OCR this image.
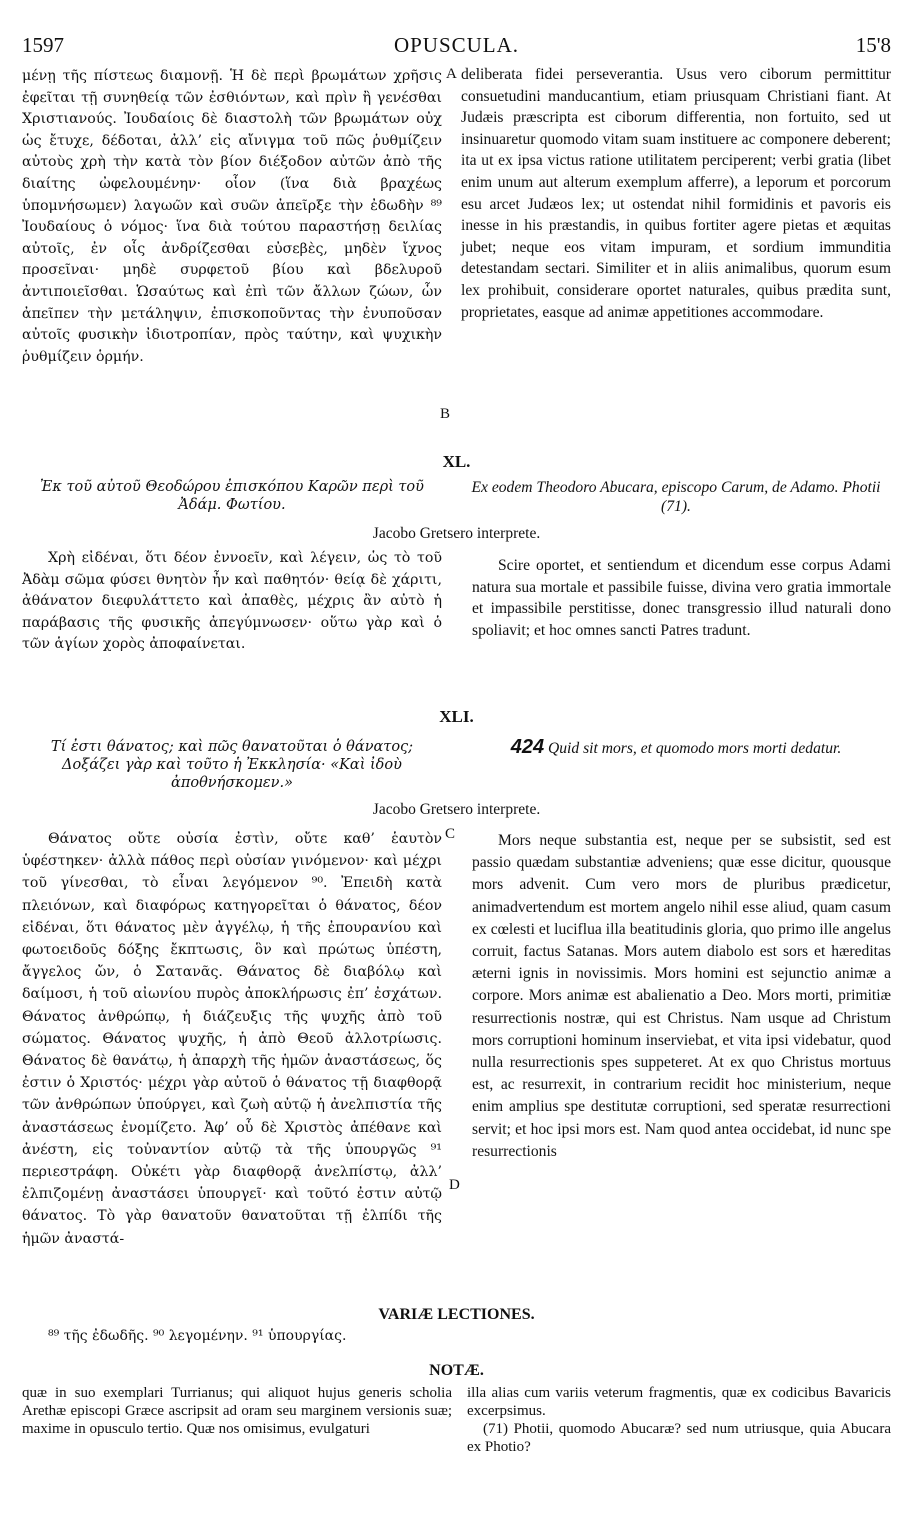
1597	OPUSCULA.	15'8

μένῃ τῆς πίστεως διαμονῇ. Ἡ δὲ περὶ βρωμάτων χρῆσις ἐφεῖται τῇ συνηθείᾳ τῶν ἐσθιόντων, καὶ πρὶν ἢ γενέσθαι Χριστιανούς. Ἰουδαίοις δὲ διαστολὴ τῶν βρωμάτων οὐχ ὡς ἔτυχε, δέδοται, ἀλλ’ εἰς αἴνιγμα τοῦ πῶς ῥυθμίζειν αὐτοὺς χρὴ τὴν κατὰ τὸν βίον διέξοδον αὐτῶν ἀπὸ τῆς διαίτης ὠφελουμένην· οἷον (ἵνα διὰ βραχέως ὑπομνήσωμεν) λαγωῶν καὶ συῶν ἀπεῖρξε τὴν ἐδωδὴν ⁸⁹ Ἰουδαίους ὁ νόμος· ἵνα διὰ τούτου παραστήσῃ δειλίας αὐτοῖς, ἐν οἷς ἀνδρίζεσθαι εὐσεβὲς, μηδὲν ἴχνος προσεῖναι· μηδὲ συρφετοῦ βίου καὶ βδελυροῦ ἀντιποιεῖσθαι. Ὡσαύτως καὶ ἐπὶ τῶν ἄλλων ζώων, ὧν ἀπεῖπεν τὴν μετάληψιν, ἐπισκοποῦντας τὴν ἐνυποῦσαν αὐτοῖς φυσικὴν ἰδιοτροπίαν, πρὸς ταύτην, καὶ ψυχικὴν ῥυθμίζειν ὁρμήν.

A deliberata fidei perseverantia. Usus vero ciborum permittitur consuetudini manducantium, etiam priusquam Christiani fiant. At Judæis præscripta est ciborum differentia, non fortuito, sed ut insinuaretur quomodo vitam suam instituere ac componere deberent; ita ut ex ipsa victus ratione utilitatem perciperent; verbi gratia (libet enim unum aut alterum exemplum afferre), a leporum et porcorum esu arcet Judæos lex; ut ostendat nihil formidinis et pavoris eis inesse in his præstandis, in quibus fortiter agere pietas et æquitas jubet; neque eos vitam impuram, et sordium immunditia detestandam sectari. Similiter et in aliis animalibus, quorum esum lex prohibuit, considerare oportet naturales, quibus prædita sunt, proprietates, easque ad animæ appetitiones accommodare.

B
XL.
Ἐκ τοῦ αὐτοῦ Θεοδώρου ἐπισκόπου Καρῶν περὶ τοῦ Ἀδάμ. Φωτίου.
Ex eodem Theodoro Abucara, episcopo Carum, de Adamo. Photii (71).
Jacobo Gretsero interprete.

Χρὴ εἰδέναι, ὅτι δέον ἐννοεῖν, καὶ λέγειν, ὡς τὸ τοῦ Ἀδὰμ σῶμα φύσει θνητὸν ἦν καὶ παθητόν· θείᾳ δὲ χάριτι, ἀθάνατον διεφυλάττετο καὶ ἀπαθὲς, μέχρις ἂν αὐτὸ ἡ παράβασις τῆς φυσικῆς ἀπεγύμνωσεν· οὕτω γὰρ καὶ ὁ τῶν ἁγίων χορὸς ἀποφαίνεται.

Scire oportet, et sentiendum et dicendum esse corpus Adami natura sua mortale et passibile fuisse, divina vero gratia immortale et impassibile perstitisse, donec transgressio illud naturali dono spoliavit; et hoc omnes sancti Patres tradunt.

XLI.
Τί ἐστι θάνατος; καὶ πῶς θανατοῦται ὁ θάνατος; Δοξάζει γὰρ καὶ τοῦτο ἡ Ἐκκλησία· «Καὶ ἰδοὺ ἀποθνήσκομεν.»
424 Quid sit mors, et quomodo mors morti dedatur.
Jacobo Gretsero interprete.
C

Θάνατος οὔτε οὐσία ἐστὶν, οὔτε καθ’ ἑαυτὸν ὑφέστηκεν· ἀλλὰ πάθος περὶ οὐσίαν γινόμενον· καὶ μέχρι τοῦ γίνεσθαι, τὸ εἶναι λεγόμενον ⁹⁰. Ἐπειδὴ κατὰ πλειόνων, καὶ διαφόρως κατηγορεῖται ὁ θάνατος, δέον εἰδέναι, ὅτι θάνατος μὲν ἀγγέλῳ, ἡ τῆς ἐπουρανίου καὶ φωτοειδοῦς δόξης ἔκπτωσις, ὃν καὶ πρώτως ὑπέστη, ἄγγελος ὤν, ὁ Σατανᾶς. Θάνατος δὲ διαβόλῳ καὶ δαίμοσι, ἡ τοῦ αἰωνίου πυρὸς ἀποκλήρωσις ἐπ’ ἐσχάτων. Θάνατος ἀνθρώπῳ, ἡ διάζευξις τῆς ψυχῆς ἀπὸ τοῦ σώματος. Θάνατος ψυχῆς, ἡ ἀπὸ Θεοῦ ἀλλοτρίωσις. Θάνατος δὲ θανάτῳ, ἡ ἀπαρχὴ τῆς ἡμῶν ἀναστάσεως, ὅς ἐστιν ὁ Χριστός· μέχρι γὰρ αὐτοῦ ὁ θάνατος τῇ διαφθορᾷ τῶν ἀνθρώπων ὑπούργει, καὶ ζωὴ αὐτῷ ἡ ἀνελπιστία τῆς ἀναστάσεως ἐνομίζετο. Ἀφ’ οὗ δὲ Χριστὸς ἀπέθανε καὶ ἀνέστη, εἰς τοὐναντίον αὐτῷ τὰ τῆς ὑπουργῶς ⁹¹ περιεστράφη. Οὐκέτι γὰρ διαφθορᾷ ἀνελπίστῳ, ἀλλ’ ἐλπιζομένῃ ἀναστάσει ὑπουργεῖ· καὶ τοῦτό ἐστιν αὐτῷ θάνατος. Τὸ γὰρ θανατοῦν θανατοῦται τῇ ἐλπίδι τῆς ἡμῶν ἀναστά-

Mors neque substantia est, neque per se subsistit, sed est passio quædam substantiæ adveniens; quæ esse dicitur, quousque mors advenit. Cum vero mors de pluribus prædicetur, animadvertendum est mortem angelo nihil esse aliud, quam casum ex cœlesti et luciflua illa beatitudinis gloria, quo primo ille angelus corruit, factus Satanas. Mors autem diabolo est sors et hæreditas æterni ignis in novissimis. Mors homini est sejunctio animæ a corpore. Mors animæ est abalienatio a Deo. Mors morti, primitiæ resurrectionis nostræ, qui est Christus. Nam usque ad Christum mors corruptioni hominum inserviebat, et vita ipsi videbatur, quod nulla resurrectionis spes suppeteret. At ex quo Christus mortuus est, ac resurrexit, in contrarium recidit hoc ministerium, neque enim amplius spe destitutæ corruptioni, sed speratæ resurrectioni servit; et hoc ipsi mors est. Nam quod antea occidebat, id nunc spe resurrectionis

D
VARIÆ LECTIONES.
⁸⁹ τῆς ἐδωδῆς. ⁹⁰ λεγομένην. ⁹¹ ὑπουργίας.
NOTÆ.
quæ in suo exemplari Turrianus; qui aliquot hujus generis scholia Arethæ episcopi Græce ascripsit ad oram seu marginem versionis suæ; maxime in opusculo tertio. Quæ nos omisimus, evulgaturi
illa alias cum variis veterum fragmentis, quæ ex codicibus Bavaricis excerpsimus.
(71) Photii, quomodo Abucaræ? sed num utriusque, quia Abucara ex Photio?
